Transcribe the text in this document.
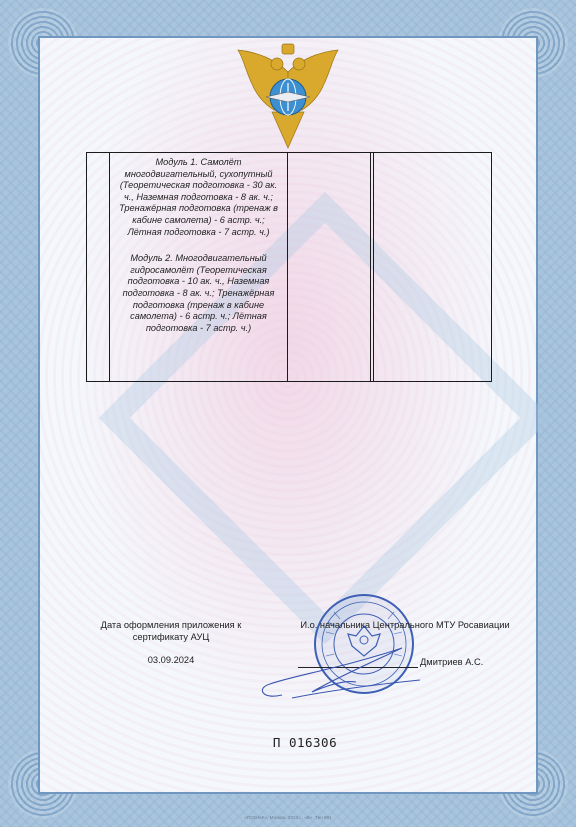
Модуль 1. Самолёт многодвигательный, сухопутный (Теоретическая подготовка - 30 ак. ч., Наземная подготовка - 8 ак. ч.; Тренажёрная подготовка (тренаж в кабине самолета) - 6 астр. ч.; Лётная подготовка - 7 астр. ч.)
Модуль 2. Многодвигательный гидросамолёт (Теоретическая подготовка - 10 ак. ч., Наземная подготовка - 8 ак. ч.; Тренажёрная подготовка (тренаж в кабине самолета) - 6 астр. ч.; Лётная подготовка - 7 астр. ч.)

Дата оформления приложения к сертификату АУЦ
03.09.2024
И.о. начальника Центрального МТУ Росавиации
Дмитриев А.С.
П 016306
«ГОЗНАК», Москва, 2023 г., «Б». Тип 891
